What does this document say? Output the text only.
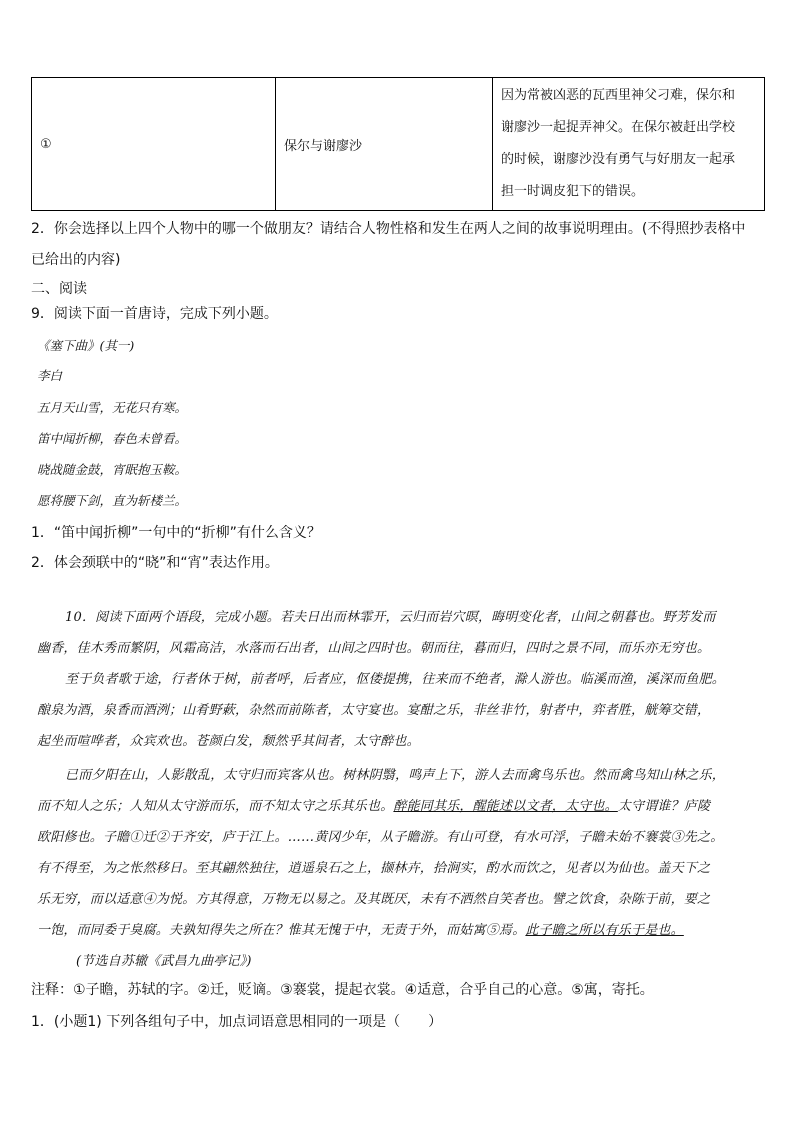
①	保尔与谢廖沙	
因为常被凶恶的瓦西里神父刁难，保尔和
谢廖沙一起捉弄神父。在保尔被赶出学校
的时候，谢廖沙没有勇气与好朋友一起承
担一时调皮犯下的错误。
2．你会选择以上四个人物中的哪一个做朋友？请结合人物性格和发生在两人之间的故事说明理由。(不得照抄表格中
已给出的内容)
二、阅读
9．阅读下面一首唐诗，完成下列小题。
《塞下曲》(其一)
李白
五月天山雪，无花只有寒。
笛中闻折柳，春色未曾看。
晓战随金鼓，宵眠抱玉鞍。
愿将腰下剑，直为斩楼兰。
1．“笛中闻折柳”一句中的“折柳”有什么含义？
2．体会颈联中的“晓”和“宵”表达作用。
10．阅读下面两个语段，完成小题。若夫日出而林霏开，云归而岩穴暝，晦明变化者，山间之朝暮也。野芳发而
幽香，佳木秀而繁阴，风霜高洁，水落而石出者，山间之四时也。朝而往，暮而归，四时之景不同，而乐亦无穷也。
至于负者歌于途，行者休于树，前者呼，后者应，伛偻提携，往来而不绝者，滁人游也。临溪而渔，溪深而鱼肥。
酿泉为酒，泉香而酒洌；山肴野蔌，杂然而前陈者，太守宴也。宴酣之乐，非丝非竹，射者中，弈者胜，觥筹交错，
起坐而喧哗者，众宾欢也。苍颜白发，颓然乎其间者，太守醉也。
已而夕阳在山，人影散乱，太守归而宾客从也。树林阴翳，鸣声上下，游人去而禽鸟乐也。然而禽鸟知山林之乐，
而不知人之乐；人知从太守游而乐，而不知太守之乐其乐也。醉能同其乐，醒能述以文者，太守也。太守谓谁？庐陵
欧阳修也。子瞻①迁②于齐安，庐于江上。……黄冈少年，从子瞻游。有山可登，有水可浮，子瞻未始不褰裳③先之。
有不得至，为之怅然移日。至其翩然独往，逍遥泉石之上，撷林卉，拾涧实，酌水而饮之，见者以为仙也。盖天下之
乐无穷，而以适意④为悦。方其得意，万物无以易之。及其既厌，未有不洒然自笑者也。譬之饮食，杂陈于前，要之
一饱，而同委于臭腐。夫孰知得失之所在？惟其无愧于中，无责于外，而姑寓⑤焉。此子瞻之所以有乐于是也。
(节选自苏辙《武昌九曲亭记》)
注释：①子瞻，苏轼的字。②迁，贬谪。③褰裳，提起衣裳。④适意，合乎自己的心意。⑤寓，寄托。
1．(小题1) 下列各组句子中，加点词语意思相同的一项是（　　）
